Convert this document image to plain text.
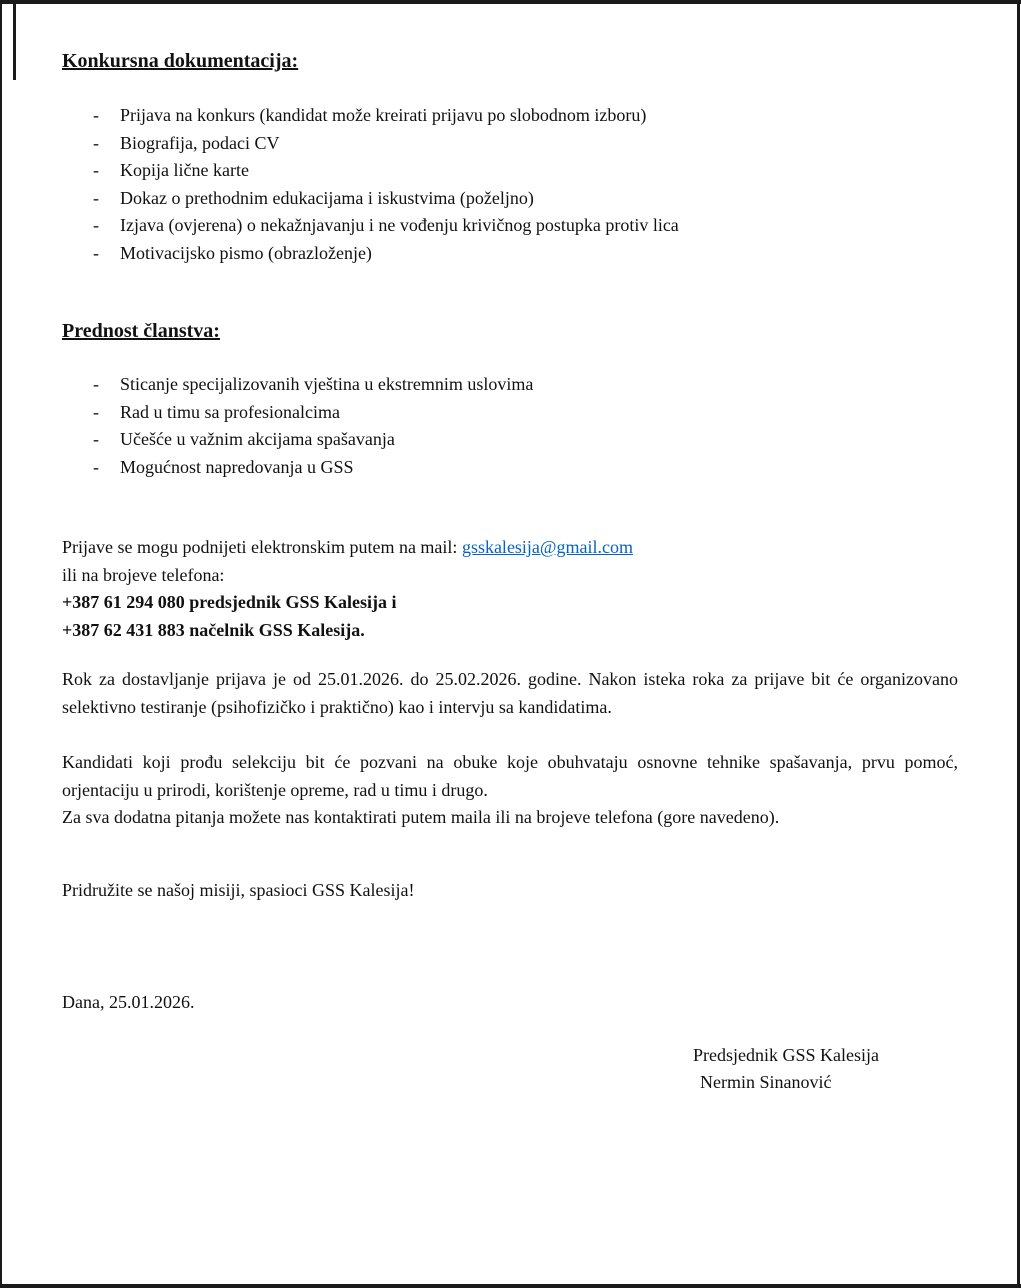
Konkursna dokumentacija:
- Prijava na konkurs (kandidat može kreirati prijavu po slobodnom izboru)
- Biografija, podaci CV
- Kopija lične karte
- Dokaz o prethodnim edukacijama i iskustvima (poželjno)
- Izjava (ovjerena) o nekažnjavanju i ne vođenju krivičnog postupka protiv lica
- Motivacijsko pismo (obrazloženje)
Prednost članstva:
- Sticanje specijalizovanih vještina u ekstremnim uslovima
- Rad u timu sa profesionalcima
- Učešće u važnim akcijama spašavanja
- Mogućnost napredovanja u GSS
Prijave se mogu podnijeti elektronskim putem na mail: gsskalesija@gmail.com
ili na brojeve telefona:
+387 61 294 080 predsjednik GSS Kalesija i
+387 62 431 883 načelnik GSS Kalesija.

Rok za dostavljanje prijava je od 25.01.2026. do 25.02.2026. godine. Nakon isteka roka za prijave bit će organizovano selektivno testiranje (psihofizičko i praktično) kao i intervju sa kandidatima.

Kandidati koji prođu selekciju bit će pozvani na obuke koje obuhvataju osnovne tehnike spašavanja, prvu pomoć, orjentaciju u prirodi, korištenje opreme, rad u timu i drugo.
Za sva dodatna pitanja možete nas kontaktirati putem maila ili na brojeve telefona (gore navedeno).

Pridružite se našoj misiji, spasioci GSS Kalesija!

Dana, 25.01.2026.

Predsjednik GSS Kalesija
Nermin Sinanović
